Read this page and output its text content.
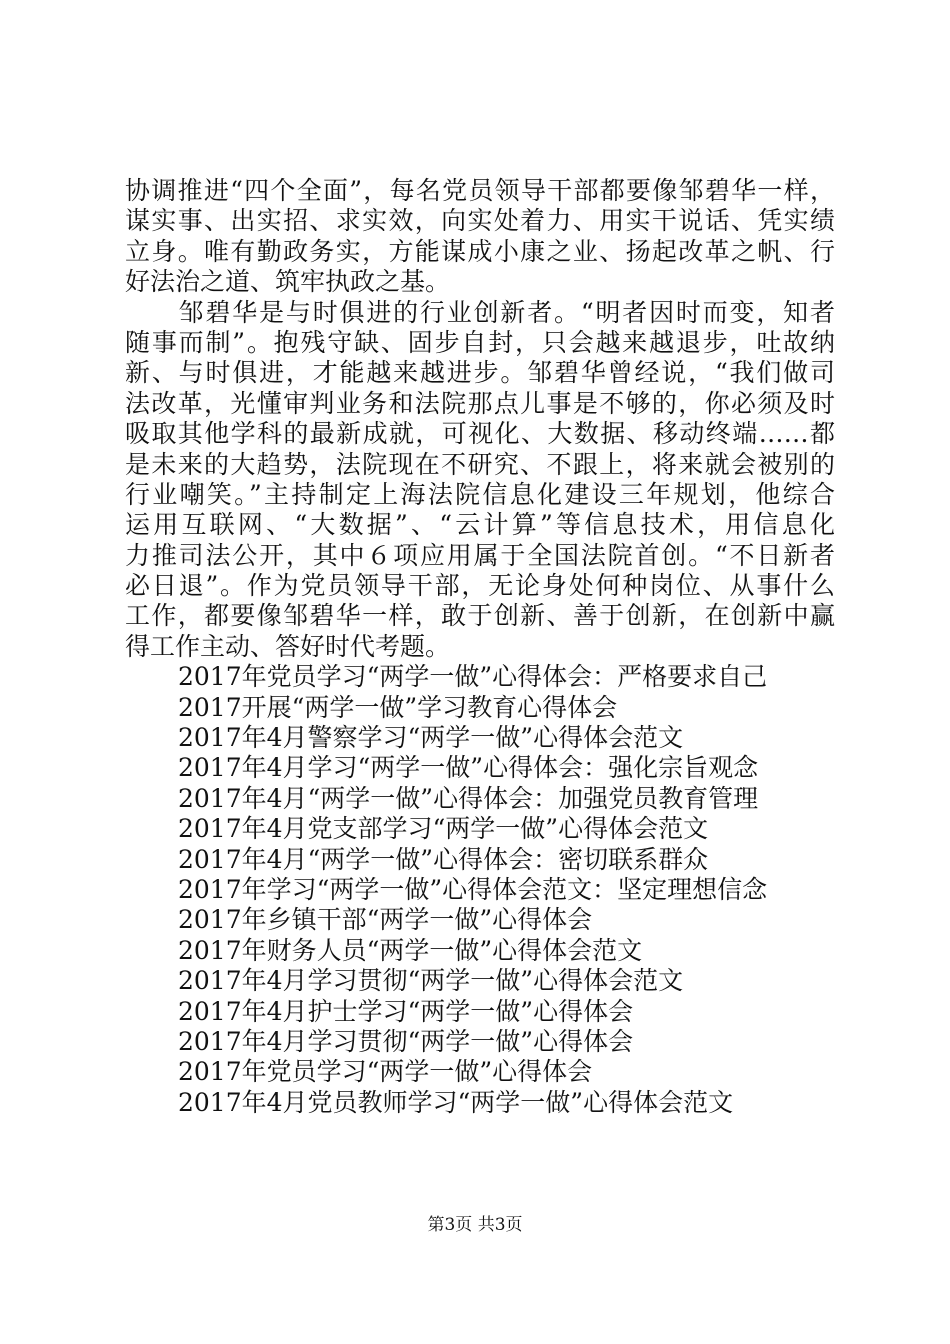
协调推进“四个全面”，每名党员领导干部都要像邹碧华一样，
谋实事、出实招、求实效，向实处着力、用实干说话、凭实绩
立身。唯有勤政务实，方能谋成小康之业、扬起改革之帆、行
好法治之道、筑牢执政之基。
　　邹碧华是与时俱进的行业创新者。“明者因时而变，知者
随事而制”。抱残守缺、固步自封，只会越来越退步，吐故纳
新、与时俱进，才能越来越进步。邹碧华曾经说，“我们做司
法改革，光懂审判业务和法院那点儿事是不够的，你必须及时
吸取其他学科的最新成就，可视化、大数据、移动终端……都
是未来的大趋势，法院现在不研究、不跟上，将来就会被别的
行业嘲笑。”主持制定上海法院信息化建设三年规划，他综合
运用互联网、“大数据”、“云计算”等信息技术，用信息化
力推司法公开，其中６项应用属于全国法院首创。“不日新者
必日退”。作为党员领导干部，无论身处何种岗位、从事什么
工作，都要像邹碧华一样，敢于创新、善于创新，在创新中赢
得工作主动、答好时代考题。
2017年党员学习“两学一做”心得体会：严格要求自己
2017开展“两学一做”学习教育心得体会
2017年4月警察学习“两学一做”心得体会范文
2017年4月学习“两学一做”心得体会：强化宗旨观念
2017年4月“两学一做”心得体会：加强党员教育管理
2017年4月党支部学习“两学一做”心得体会范文
2017年4月“两学一做”心得体会：密切联系群众
2017年学习“两学一做”心得体会范文：坚定理想信念
2017年乡镇干部“两学一做”心得体会
2017年财务人员“两学一做”心得体会范文
2017年4月学习贯彻“两学一做”心得体会范文
2017年4月护士学习“两学一做”心得体会
2017年4月学习贯彻“两学一做”心得体会
2017年党员学习“两学一做”心得体会
2017年4月党员教师学习“两学一做”心得体会范文
第3页 共3页
